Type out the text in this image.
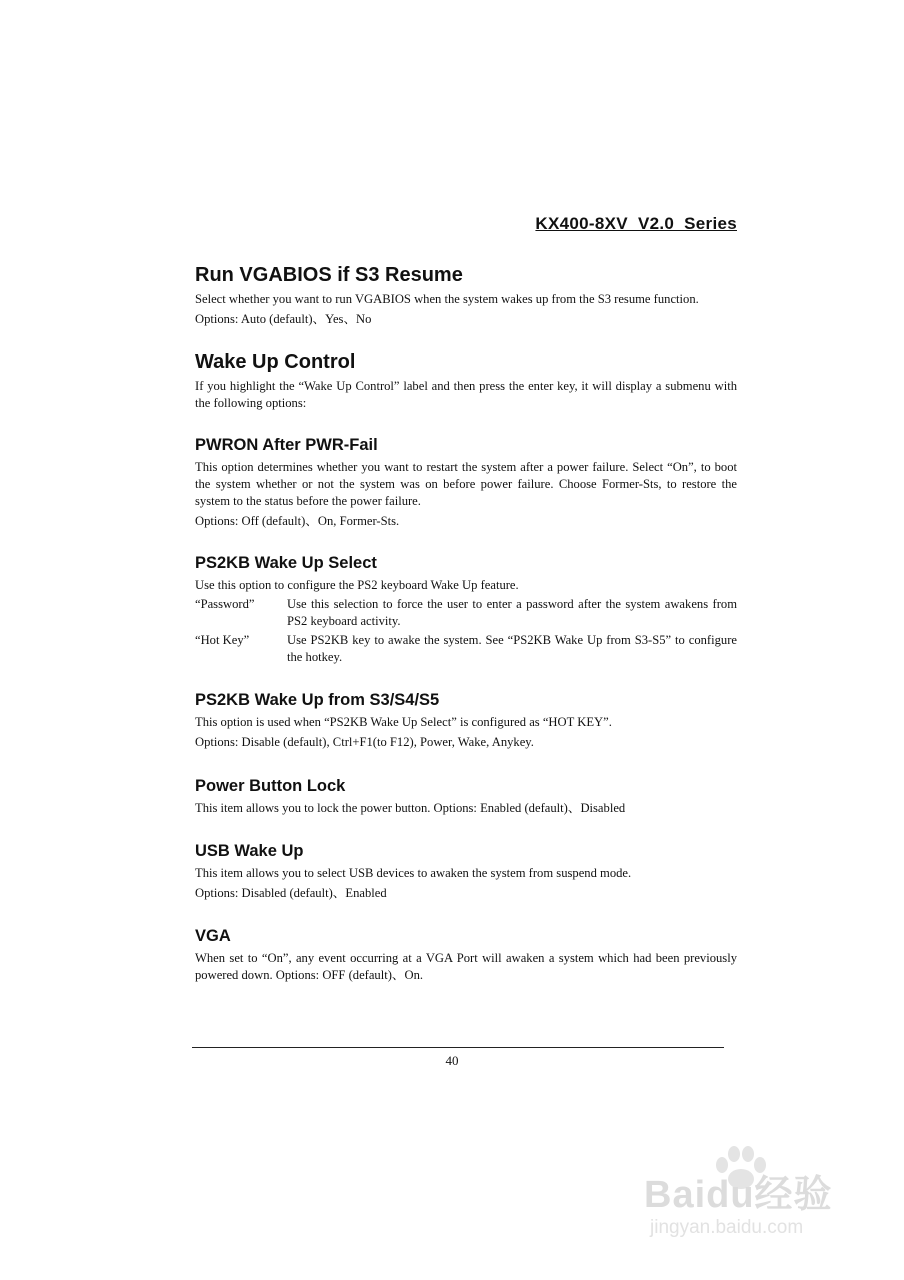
KX400-8XV  V2.0  Series
Run VGABIOS if S3 Resume

Select whether you want to run VGABIOS when the system wakes up from the S3 resume function.

Options: Auto (default)、Yes、No

Wake Up Control

If you highlight the “Wake Up Control” label and then press the enter key, it will display a submenu with the following options:

PWRON After PWR-Fail

This option determines whether you want to restart the system after a power failure. Select “On”, to boot the system whether or not the system was on before power failure. Choose Former-Sts, to restore the system to the status before the power failure.

Options: Off (default)、On, Former-Sts.

PS2KB Wake Up Select

Use this option to configure the PS2 keyboard Wake Up feature.

“Password”	Use this selection to force the user to enter a password after the system awakens from PS2 keyboard activity.
“Hot Key”	Use PS2KB key to awake the system. See “PS2KB Wake Up from S3-S5” to configure the hotkey.
PS2KB Wake Up from S3/S4/S5

This option is used when “PS2KB Wake Up Select” is configured as “HOT KEY”.

Options: Disable (default), Ctrl+F1(to F12), Power, Wake, Anykey.

Power Button Lock

This item allows you to lock the power button. Options: Enabled (default)、Disabled

USB Wake Up

This item allows you to select USB devices to awaken the system from suspend mode.

Options: Disabled (default)、Enabled

VGA

When set to “On”, any event occurring at a VGA Port will awaken a system which had been previously powered down. Options: OFF (default)、On.

40
Baidu经验
jingyan.baidu.com
